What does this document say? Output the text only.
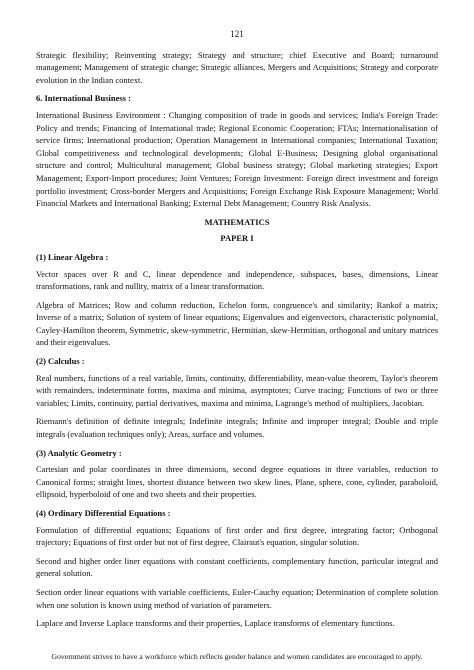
121

Strategic flexibility; Reinventing strategy; Strategy and structure; chief Executive and Board; turnaround management; Management of strategic change; Strategic alliances, Mergers and Acquisitions; Strategy and corporate evolution in the Indian context.

6. International Business :

International Business Environment : Changing composition of trade in goods and services; India's Foreign Trade: Policy and trends; Financing of International trade; Regional Economic Cooperation; FTAs; Internationalisation of service firms; International production; Operation Management in International companies; International Taxation; Global competitiveness and technological developments; Global E-Business; Designing global organisational structure and control; Multicultural management; Global business strategy; Global marketing strategies; Export Management; Export-Import procedures; Joint Ventures; Foreign Investment: Foreign direct investment and foreign portfolio investment; Cross-border Mergers and Acquisitions; Foreign Exchange Risk Exposure Management; World Financial Markets and International Banking; External Debt Management; Country Risk Analysis.

MATHEMATICS
PAPER I
(1) Linear Algebra :

Vector spaces over R and C, linear dependence and independence, subspaces, bases, dimensions, Linear transformations, rank and nullity, matrix of a linear transformation.

Algebra of Matrices; Row and column reduction, Echelon form, congruence's and similarity; Rankof a matrix; Inverse of a matrix; Solution of system of linear equations; Eigenvalues and eigenvectors, characteristic polynomial, Cayley-Hamilton theorem, Symmetric, skew-symmetric, Hermitian, skew-Hermitian, orthogonal and unitary matrices and their eigenvalues.

(2) Calculus :

Real numbers, functions of a real variable, limits, continuity, differentiability, mean-value theorem, Taylor's theorem with remainders, indeterminate forms, maxima and minima, asymptotes; Curve tracing; Functions of two or three variables; Limits, continuity, partial derivatives, maxima and minima, Lagrange's method of multipliers, Jacobian.

Riemann's definition of definite integrals; Indefinite integrals; Infinite and improper integral; Double and triple integrals (evaluation techniques only); Areas, surface and volumes.

(3) Analytic Geometry :

Cartesian and polar coordinates in three dimensions, second degree equations in three variables, reduction to Canonical forms; straight lines, shortest distance between two skew lines, Plane, sphere, cone, cylinder, paraboloid, ellipsoid, hyperboloid of one and two sheets and their properties.

(4) Ordinary Differential Equations :

Formulation of differential equations; Equations of first order and first degree, integrating factor; Orthogonal trajectory; Equations of first order but not of first degree, Clairaut's equation, singular solution.

Second and higher order liner equations with constant coefficients, complementary function, particular integral and general solution.

Section order linear equations with variable coefficients, Euler-Cauchy equation; Determination of complete solution when one solution is known using method of variation of parameters.

Laplace and Inverse Laplace transforms and their properties, Laplace transforms of elementary functions.

Government strives to have a workforce which reflects gender balance and women candidates are encouraged to apply.
